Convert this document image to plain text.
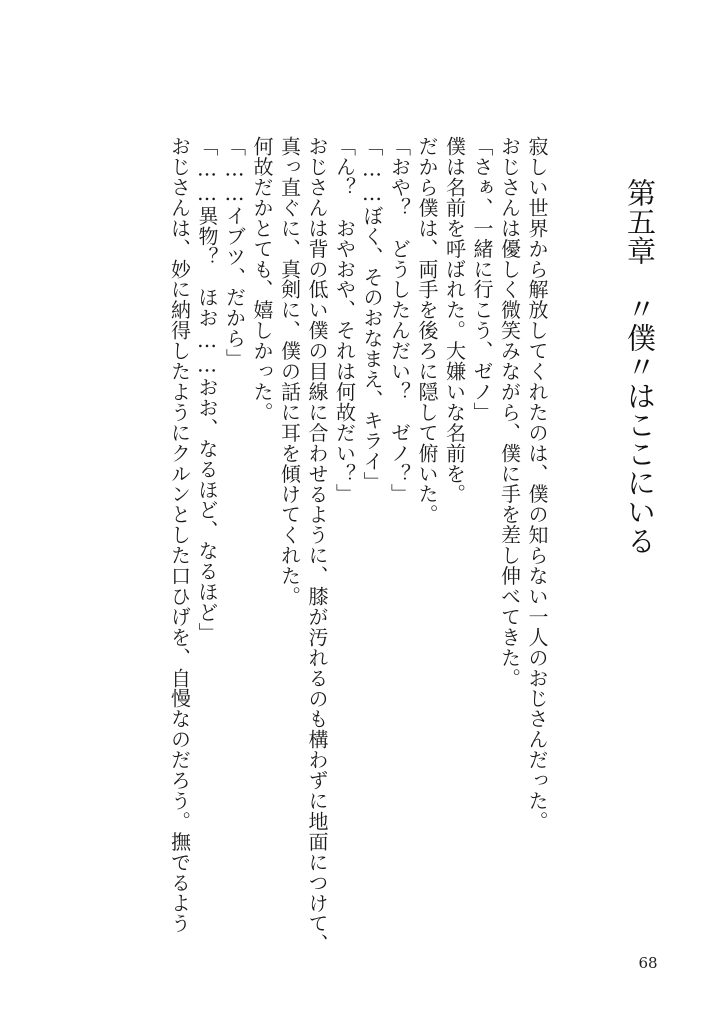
第五章　〃僕〃はここにいる
寂しい世界から解放してくれたのは、僕の知らない一人のおじさんだった。
おじさんは優しく微笑みながら、僕に手を差し伸べてきた。
「さぁ、一緒に行こう、ゼノ」
僕は名前を呼ばれた。大嫌いな名前を。
だから僕は、両手を後ろに隠して俯いた。
「おや？　どうしたんだい？　ゼノ？」
「……ぼく、そのおなまえ、キライ」
「ん？　おやおや、それは何故だい？」
おじさんは背の低い僕の目線に合わせるように、膝が汚れるのも構わずに地面につけて、
真っ直ぐに、真剣に、僕の話に耳を傾けてくれた。
何故だかとても、嬉しかった。
「……イブツ、だから」
「……異物？　ほお……おお、なるほど、なるほど」
おじさんは、妙に納得したようにクルンとした口ひげを、自慢なのだろう。撫でるよう
68
